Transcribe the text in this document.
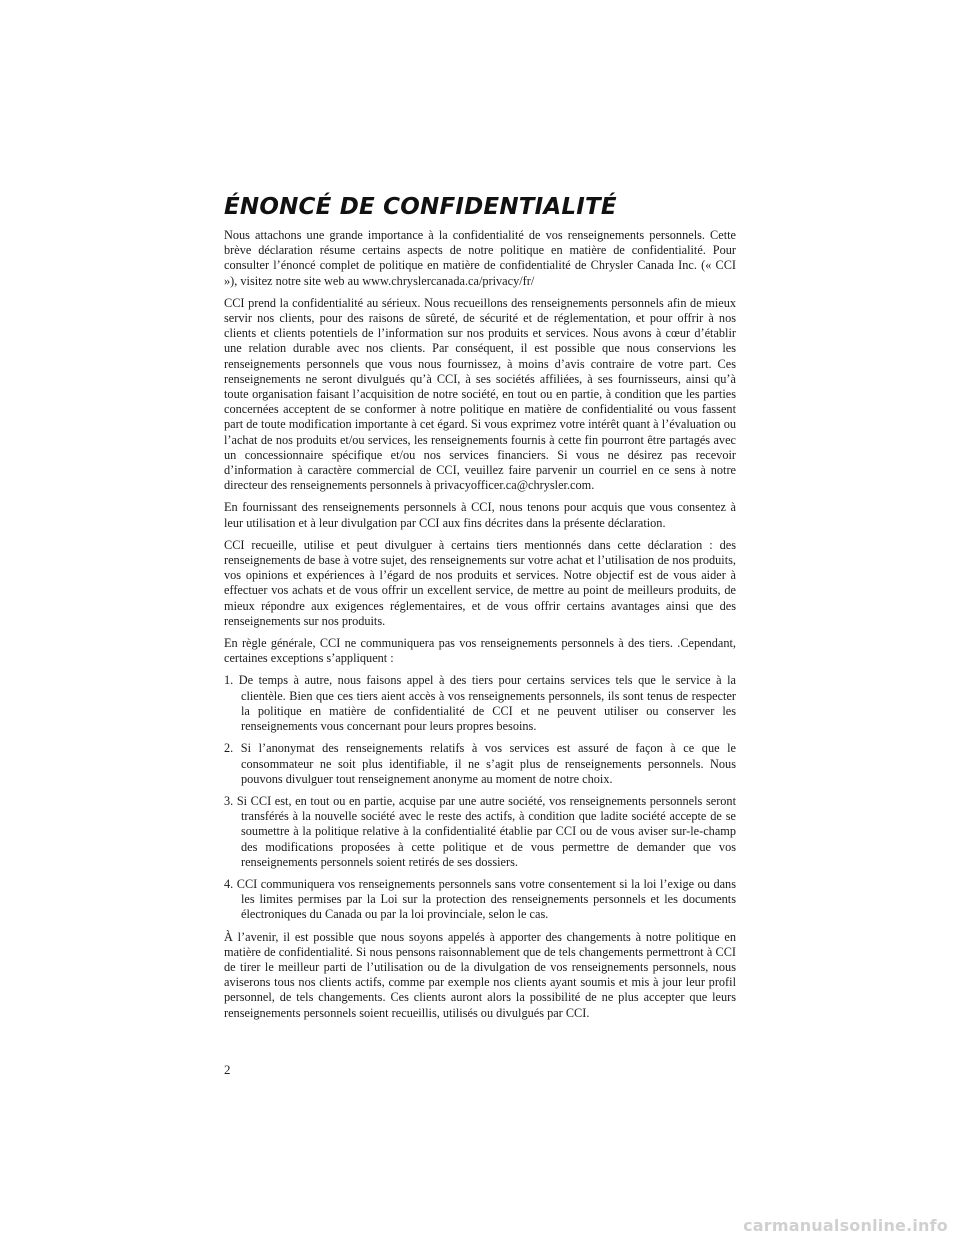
ÉNONCÉ DE CONFIDENTIALITÉ

Nous attachons une grande importance à la confidentialité de vos renseignements personnels. Cette brève déclaration résume certains aspects de notre politique en matière de confidentialité. Pour consulter l’énoncé complet de politique en matière de confidentialité de Chrysler Canada Inc. (« CCI »), visitez notre site web au www.chryslercanada.ca/privacy/fr/

CCI prend la confidentialité au sérieux. Nous recueillons des renseignements personnels afin de mieux servir nos clients, pour des raisons de sûreté, de sécurité et de réglementation, et pour offrir à nos clients et clients potentiels de l’information sur nos produits et services. Nous avons à cœur d’établir une relation durable avec nos clients. Par conséquent, il est possible que nous conservions les renseignements personnels que vous nous fournissez, à moins d’avis contraire de votre part. Ces renseignements ne seront divulgués qu’à CCI, à ses sociétés affiliées, à ses fournisseurs, ainsi qu’à toute organisation faisant l’acquisition de notre société, en tout ou en partie, à condition que les parties concernées acceptent de se conformer à notre politique en matière de confidentialité ou vous fassent part de toute modification importante à cet égard. Si vous exprimez votre intérêt quant à l’évaluation ou l’achat de nos produits et/ou services, les renseignements fournis à cette fin pourront être partagés avec un concessionnaire spécifique et/ou nos services financiers. Si vous ne désirez pas recevoir d’information à caractère commercial de CCI, veuillez faire parvenir un courriel en ce sens à notre directeur des renseignements personnels à privacyofficer.ca@chrysler.com.

En fournissant des renseignements personnels à CCI, nous tenons pour acquis que vous consentez à leur utilisation et à leur divulgation par CCI aux fins décrites dans la présente déclaration.

CCI recueille, utilise et peut divulguer à certains tiers mentionnés dans cette déclaration : des renseignements de base à votre sujet, des renseignements sur votre achat et l’utilisation de nos produits, vos opinions et expériences à l’égard de nos produits et services. Notre objectif est de vous aider à effectuer vos achats et de vous offrir un excellent service, de mettre au point de meilleurs produits, de mieux répondre aux exigences réglementaires, et de vous offrir certains avantages ainsi que des renseignements sur nos produits.

En règle générale, CCI ne communiquera pas vos renseignements personnels à des tiers. .Cependant, certaines exceptions s’appliquent :

1. De temps à autre, nous faisons appel à des tiers pour certains services tels que le service à la clientèle. Bien que ces tiers aient accès à vos renseignements personnels, ils sont tenus de respecter la politique en matière de confidentialité de CCI et ne peuvent utiliser ou conserver les renseignements vous concernant pour leurs propres besoins.

2. Si l’anonymat des renseignements relatifs à vos services est assuré de façon à ce que le consommateur ne soit plus identifiable, il ne s’agit plus de renseignements personnels. Nous pouvons divulguer tout renseignement anonyme au moment de notre choix.

3. Si CCI est, en tout ou en partie, acquise par une autre société, vos renseignements personnels seront transférés à la nouvelle société avec le reste des actifs, à condition que ladite société accepte de se soumettre à la politique relative à la confidentialité établie par CCI ou de vous aviser sur-le-champ des modifications proposées à cette politique et de vous permettre de demander que vos renseignements personnels soient retirés de ses dossiers.

4. CCI communiquera vos renseignements personnels sans votre consentement si la loi l’exige ou dans les limites permises par la Loi sur la protection des renseignements personnels et les documents électroniques du Canada ou par la loi provinciale, selon le cas.

À l’avenir, il est possible que nous soyons appelés à apporter des changements à notre politique en matière de confidentialité. Si nous pensons raisonnablement que de tels changements permettront à CCI de tirer le meilleur parti de l’utilisation ou de la divulgation de vos renseignements personnels, nous aviserons tous nos clients actifs, comme par exemple nos clients ayant soumis et mis à jour leur profil personnel, de tels changements. Ces clients auront alors la possibilité de ne plus accepter que leurs renseignements personnels soient recueillis, utilisés ou divulgués par CCI.

2
carmanualsonline.info
